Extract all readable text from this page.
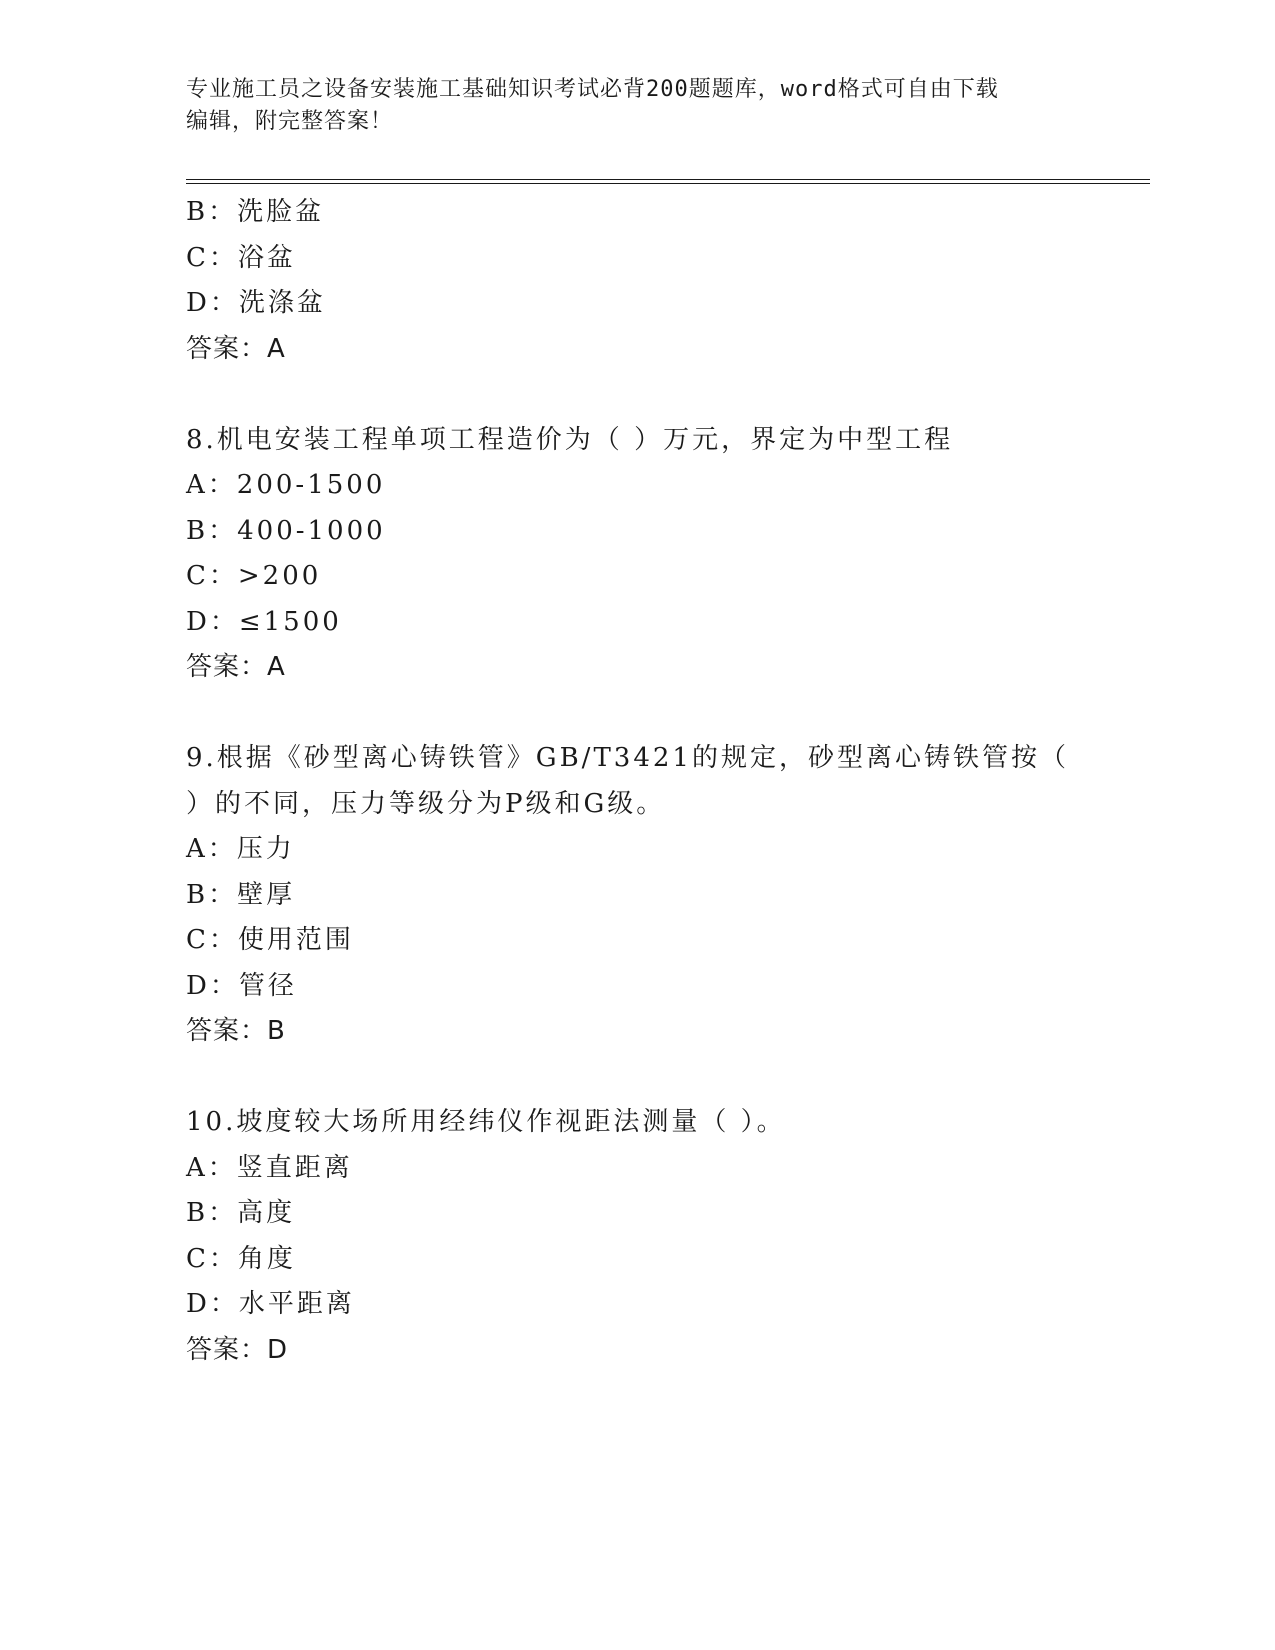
专业施工员之设备安装施工基础知识考试必背200题题库，word格式可自由下载
编辑，附完整答案！
B：洗脸盆
C：浴盆
D：洗涤盆
答案：A
8.机电安装工程单项工程造价为（ ）万元，界定为中型工程
A：200-1500
B：400-1000
C：>200
D：≤1500
答案：A
9.根据《砂型离心铸铁管》GB/T3421的规定，砂型离心铸铁管按（ ）的不同，压力等级分为P级和G级。
A：压力
B：壁厚
C：使用范围
D：管径
答案：B
10.坡度较大场所用经纬仪作视距法测量（ ）。
A：竖直距离
B：高度
C：角度
D：水平距离
答案：D
